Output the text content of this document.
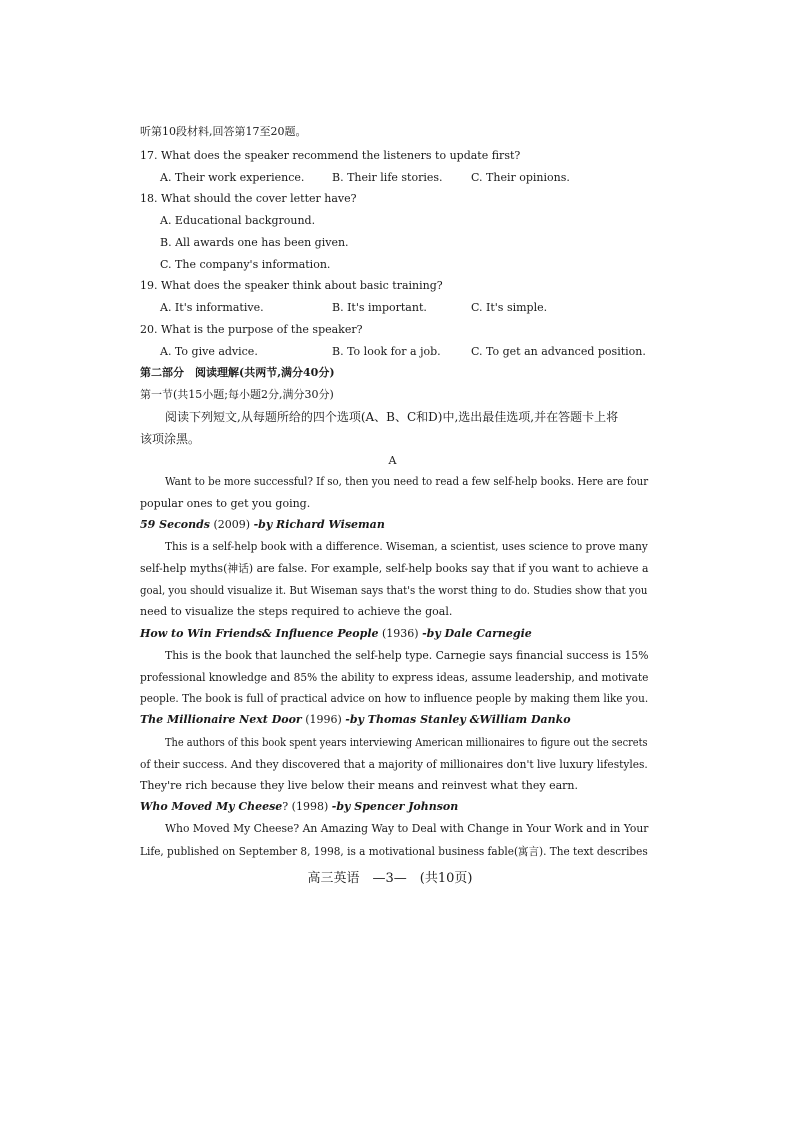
听第10段材料,回答第17至20题。
17. What does the speaker recommend the listeners to update first?
A. Their work experience.	B. Their life stories.	C. Their opinions.
18. What should the cover letter have?
A. Educational background.
B. All awards one has been given.
C. The company's information.
19. What does the speaker think about basic training?
A. It's informative.	B. It's important.	C. It's simple.
20. What is the purpose of the speaker?
A. To give advice.	B. To look for a job.	C. To get an advanced position.
第二部分　阅读理解(共两节,满分40分)
第一节(共15小题;每小题2分,满分30分)
阅读下列短文,从每题所给的四个选项(A、B、C和D)中,选出最佳选项,并在答题卡上将
该项涂黑。
A
Want to be more successful? If so, then you need to read a few self-help books. Here are four
popular ones to get you going.
59 Seconds (2009) -by Richard Wiseman
This is a self-help book with a difference. Wiseman, a scientist, uses science to prove many
self-help myths(神话) are false. For example, self-help books say that if you want to achieve a
goal, you should visualize it. But Wiseman says that's the worst thing to do. Studies show that you
need to visualize the steps required to achieve the goal.
How to Win Friends& Influence People (1936) -by Dale Carnegie
This is the book that launched the self-help type. Carnegie says financial success is 15%
professional knowledge and 85% the ability to express ideas, assume leadership, and motivate
people. The book is full of practical advice on how to influence people by making them like you.
The Millionaire Next Door (1996) -by Thomas Stanley &William Danko
The authors of this book spent years interviewing American millionaires to figure out the secrets
of their success. And they discovered that a majority of millionaires don't live luxury lifestyles.
They're rich because they live below their means and reinvest what they earn.
Who Moved My Cheese? (1998) -by Spencer Johnson
Who Moved My Cheese? An Amazing Way to Deal with Change in Your Work and in Your
Life, published on September 8, 1998, is a motivational business fable(寓言). The text describes
高三英语　—3—　(共10页)
